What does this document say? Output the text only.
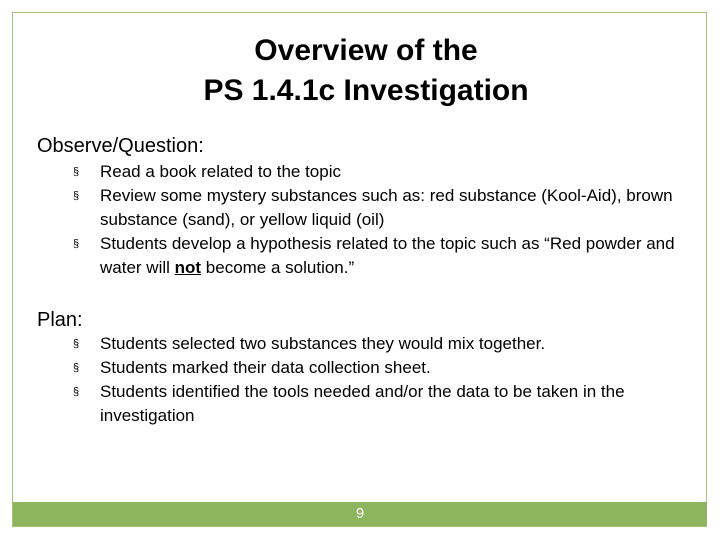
Overview of the
PS 1.4.1c Investigation
Observe/Question:
§ Read a book related to the topic
§ Review some mystery substances such as: red substance (Kool-Aid), brown substance (sand), or yellow liquid (oil)
§ Students develop a hypothesis related to the topic such as “Red powder and water will not become a solution.”
Plan:
§ Students selected two substances they would mix together.
§ Students marked their data collection sheet.
§ Students identified the tools needed and/or the data to be taken in the investigation
9
